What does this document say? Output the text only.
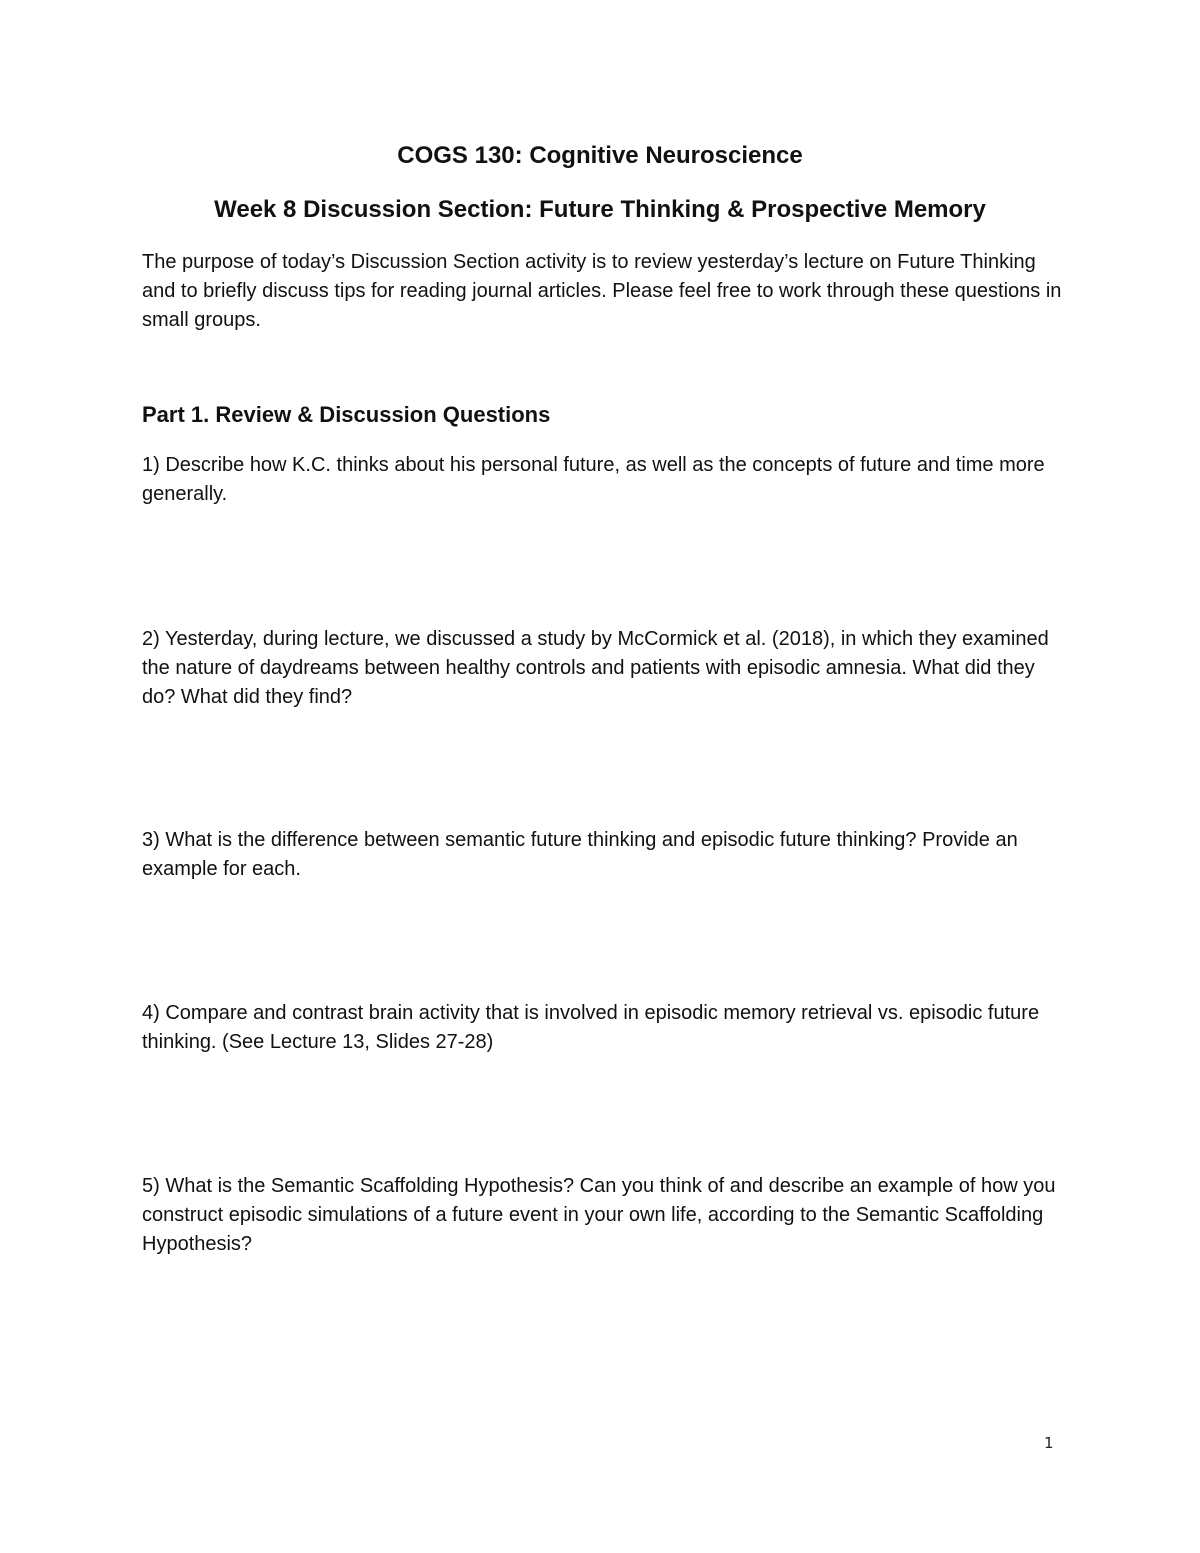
COGS 130: Cognitive Neuroscience
Week 8 Discussion Section: Future Thinking & Prospective Memory

The purpose of today’s Discussion Section activity is to review yesterday’s lecture on Future Thinking and to briefly discuss tips for reading journal articles. Please feel free to work through these questions in small groups.

Part 1. Review & Discussion Questions

1) Describe how K.C. thinks about his personal future, as well as the concepts of future and time more generally.

2) Yesterday, during lecture, we discussed a study by McCormick et al. (2018), in which they examined the nature of daydreams between healthy controls and patients with episodic amnesia. What did they do? What did they find?

3) What is the difference between semantic future thinking and episodic future thinking? Provide an example for each.

4) Compare and contrast brain activity that is involved in episodic memory retrieval vs. episodic future thinking. (See Lecture 13, Slides 27-28)

5) What is the Semantic Scaffolding Hypothesis? Can you think of and describe an example of how you construct episodic simulations of a future event in your own life, according to the Semantic Scaffolding Hypothesis?

1
